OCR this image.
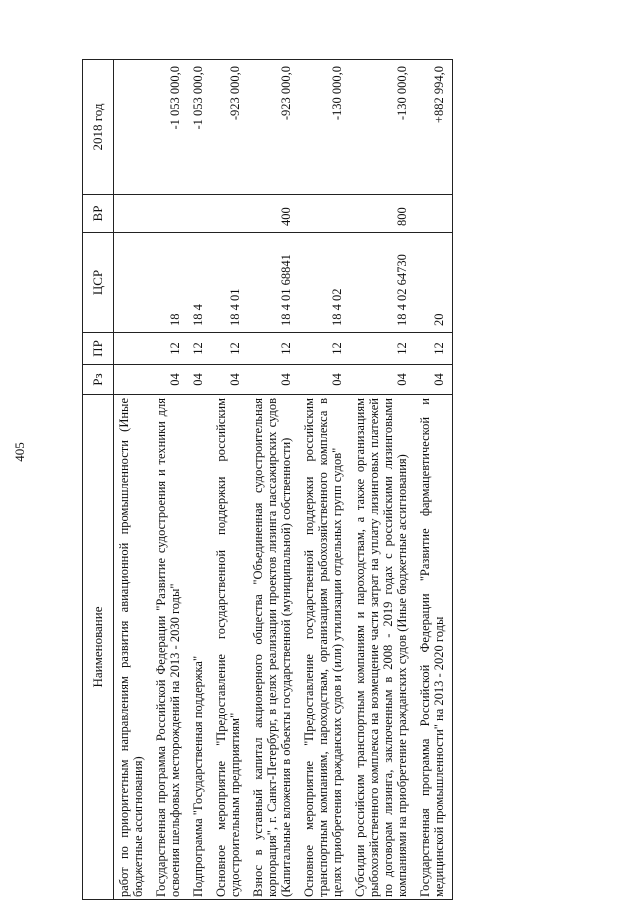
405
Наименование	Рз	ПР	ЦСР	ВР	2018 год
работ по приоритетным направлениям развития авиационной промышленности (Иные бюджетные ассигнования)					
Государственная программа Российской Федерации "Развитие судостроения и техники для освоения шельфовых месторождений на 2013 - 2030 годы"	04	12	18		-1 053 000,0
Подпрограмма "Государственная поддержка"	04	12	18 4		-1 053 000,0
Основное мероприятие "Предоставление государственной поддержки российским судостроительным предприятиям"	04	12	18 4 01		-923 000,0
Взнос в уставный капитал акционерного общества "Объединенная судостроительная корпорация", г. Санкт-Петербург, в целях реализации проектов лизинга пассажирских судов (Капитальные вложения в объекты государственной (муниципальной) собственности)	04	12	18 4 01 68841	400	-923 000,0
Основное мероприятие "Предоставление государственной поддержки российским транспортным компаниям, пароходствам, организациям рыбохозяйственного комплекса в целях приобретения гражданских судов и (или) утилизации отдельных групп судов"	04	12	18 4 02		-130 000,0
Субсидии российским транспортным компаниям и пароходствам, а также организациям рыбохозяйственного комплекса на возмещение части затрат на уплату лизинговых платежей по договорам лизинга, заключенным в 2008 - 2019 годах с российскими лизинговыми компаниями на приобретение гражданских судов (Иные бюджетные ассигнования)	04	12	18 4 02 64730	800	-130 000,0
Государственная программа Российской Федерации "Развитие фармацевтической и медицинской промышленности" на 2013 - 2020 годы	04	12	20		+882 994,0
